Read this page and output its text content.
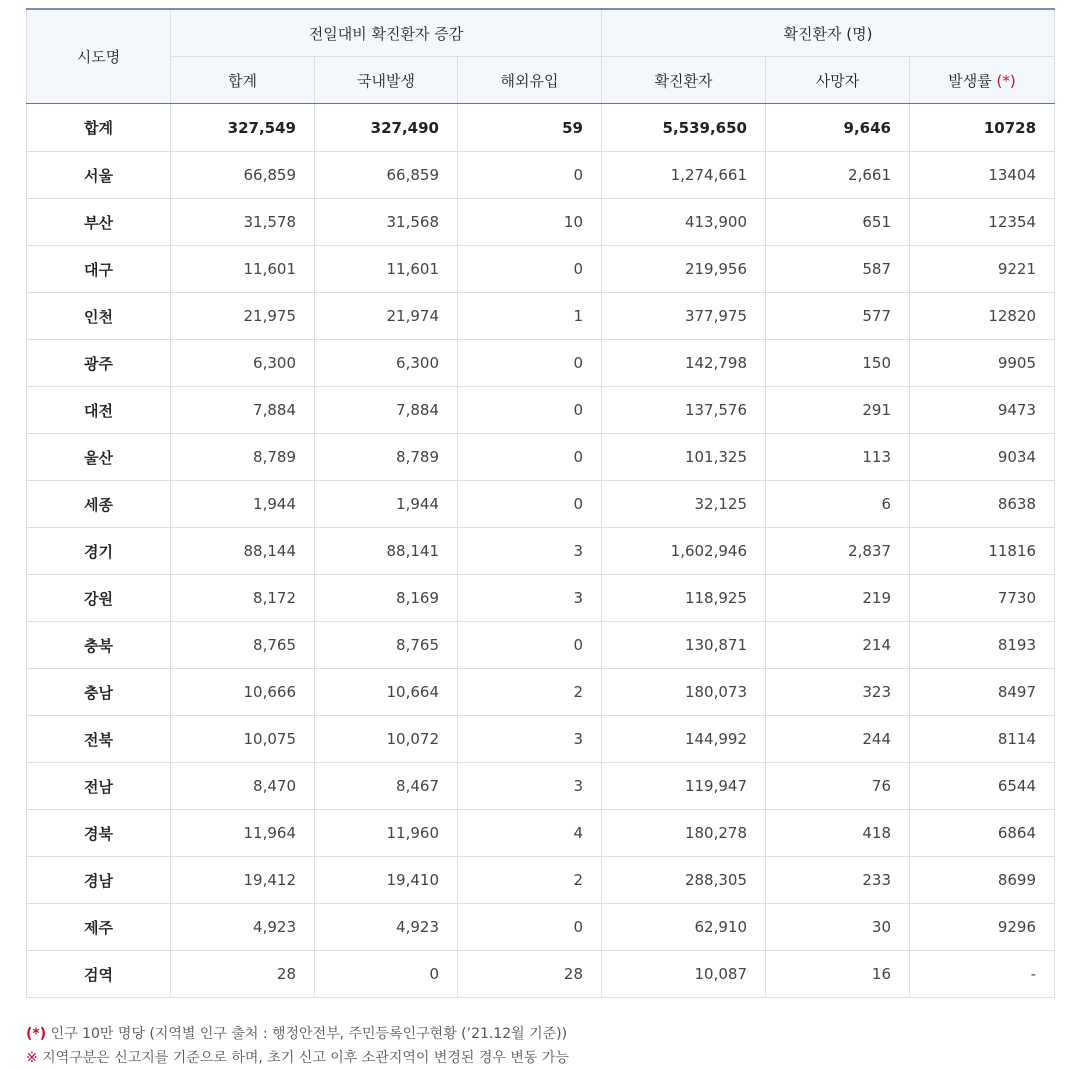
시도명	전일대비 확진환자 증감			확진환자 (명)		
	합계	국내발생	해외유입	확진환자	사망자	발생률 (*)
합계	327,549	327,490	59	5,539,650	9,646	10728
서울	66,859	66,859	0	1,274,661	2,661	13404
부산	31,578	31,568	10	413,900	651	12354
대구	11,601	11,601	0	219,956	587	9221
인천	21,975	21,974	1	377,975	577	12820
광주	6,300	6,300	0	142,798	150	9905
대전	7,884	7,884	0	137,576	291	9473
울산	8,789	8,789	0	101,325	113	9034
세종	1,944	1,944	0	32,125	6	8638
경기	88,144	88,141	3	1,602,946	2,837	11816
강원	8,172	8,169	3	118,925	219	7730
충북	8,765	8,765	0	130,871	214	8193
충남	10,666	10,664	2	180,073	323	8497
전북	10,075	10,072	3	144,992	244	8114
전남	8,470	8,467	3	119,947	76	6544
경북	11,964	11,960	4	180,278	418	6864
경남	19,412	19,410	2	288,305	233	8699
제주	4,923	4,923	0	62,910	30	9296
검역	28	0	28	10,087	16	-
(*) 인구 10만 명당 (지역별 인구 출처 : 행정안전부, 주민등록인구현황 (’21.12월 기준))
※ 지역구분은 신고지를 기준으로 하며, 초기 신고 이후 소관지역이 변경된 경우 변동 가능
